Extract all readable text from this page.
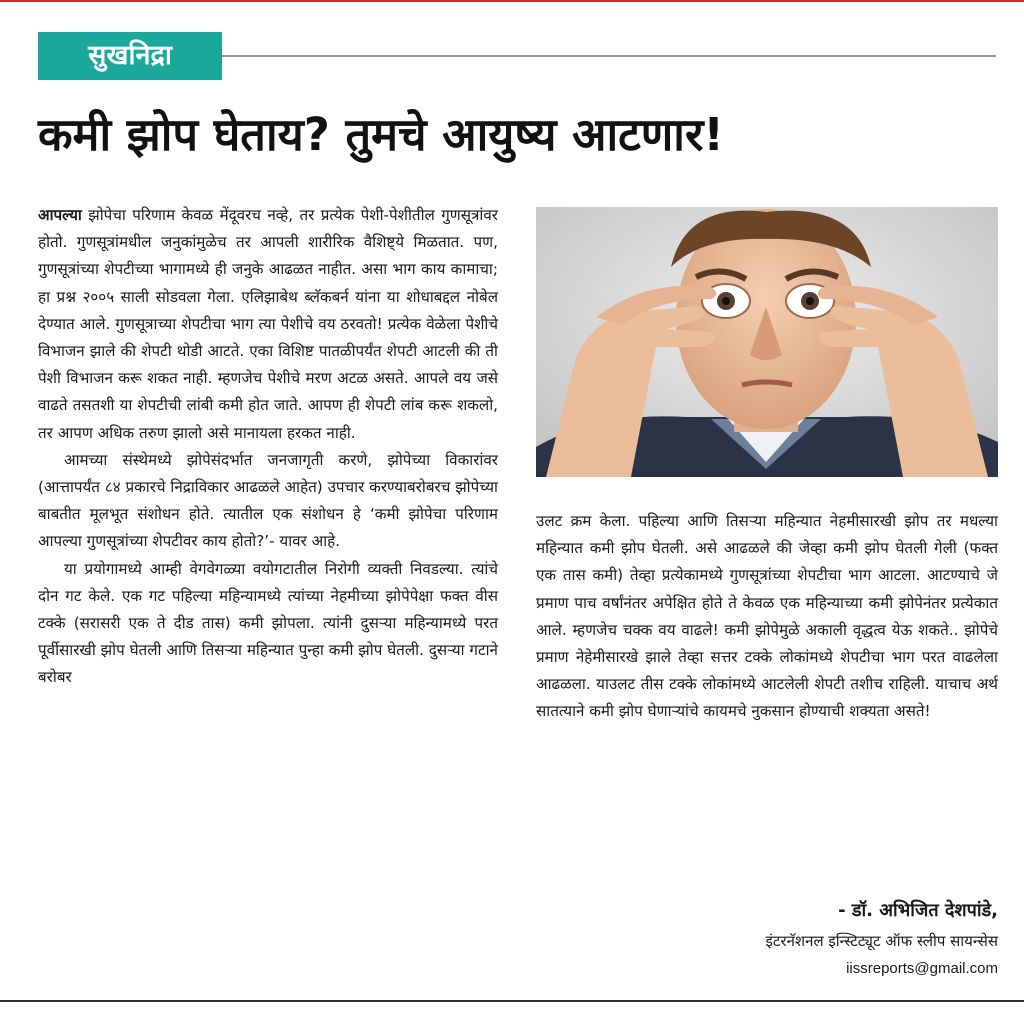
सुखनिद्रा
कमी झोप घेताय? तुमचे आयुष्य आटणार!

आपल्या झोपेचा परिणाम केवळ मेंदूवरच नव्हे, तर प्रत्येक पेशी-पेशीतील गुणसूत्रांवर होतो. गुणसूत्रांमधील जनुकांमुळेच तर आपली शारीरिक वैशिष्ट्ये मिळतात. पण, गुणसूत्रांच्या शेपटीच्या भागामध्ये ही जनुके आढळत नाहीत. असा भाग काय कामाचा; हा प्रश्न २००५ साली सोडवला गेला. एलिझाबेथ ब्लॅकबर्न यांना या शोधाबद्दल नोबेल देण्यात आले. गुणसूत्राच्या शेपटीचा भाग त्या पेशीचे वय ठरवतो! प्रत्येक वेळेला पेशीचे विभाजन झाले की शेपटी थोडी आटते. एका विशिष्ट पातळीपर्यंत शेपटी आटली की ती पेशी विभाजन करू शकत नाही. म्हणजेच पेशीचे मरण अटळ असते. आपले वय जसे वाढते तसतशी या शेपटीची लांबी कमी होत जाते. आपण ही शेपटी लांब करू शकलो, तर आपण अधिक तरुण झालो असे मानायला हरकत नाही.

आमच्या संस्थेमध्ये झोपेसंदर्भात जनजागृती करणे, झोपेच्या विकारांवर (आत्तापर्यंत ८४ प्रकारचे निद्राविकार आढळले आहेत) उपचार करण्याबरोबरच झोपेच्या बाबतीत मूलभूत संशोधन होते. त्यातील एक संशोधन हे ‘कमी झोपेचा परिणाम आपल्या गुणसूत्रांच्या शेपटीवर काय होतो?’- यावर आहे.

या प्रयोगामध्ये आम्ही वेगवेगळ्या वयोगटातील निरोगी व्यक्ती निवडल्या. त्यांचे दोन गट केले. एक गट पहिल्या महिन्यामध्ये त्यांच्या नेहमीच्या झोपेपेक्षा फक्त वीस टक्के (सरासरी एक ते दीड तास) कमी झोपला. त्यांनी दुसऱ्या महिन्यामध्ये परत पूर्वीसारखी झोप घेतली आणि तिसऱ्या महिन्यात पुन्हा कमी झोप घेतली. दुसऱ्या गटाने बरोबर

उलट क्रम केला. पहिल्या आणि तिसऱ्या महिन्यात नेहमीसारखी झोप तर मधल्या महिन्यात कमी झोप घेतली. असे आढळले की जेव्हा कमी झोप घेतली गेली (फक्त एक तास कमी) तेव्हा प्रत्येकामध्ये गुणसूत्रांच्या शेपटीचा भाग आटला. आटण्याचे जे प्रमाण पाच वर्षांनंतर अपेक्षित होते ते केवळ एक महिन्याच्या कमी झोपेनंतर प्रत्येकात आले. म्हणजेच चक्क वय वाढले! कमी झोपेमुळे अकाली वृद्धत्व येऊ शकते.. झोपेचे प्रमाण नेहेमीसारखे झाले तेव्हा सत्तर टक्के लोकांमध्ये शेपटीचा भाग परत वाढलेला आढळला. याउलट तीस टक्के लोकांमध्ये आटलेली शेपटी तशीच राहिली. याचाच अर्थ सातत्याने कमी झोप घेणाऱ्यांचे कायमचे नुकसान होण्याची शक्यता असते!

- डॉ. अभिजित देशपांडे,
इंटरनॅशनल इन्स्टिट्यूट ऑफ स्लीप सायन्सेस
iissreports@gmail.com
